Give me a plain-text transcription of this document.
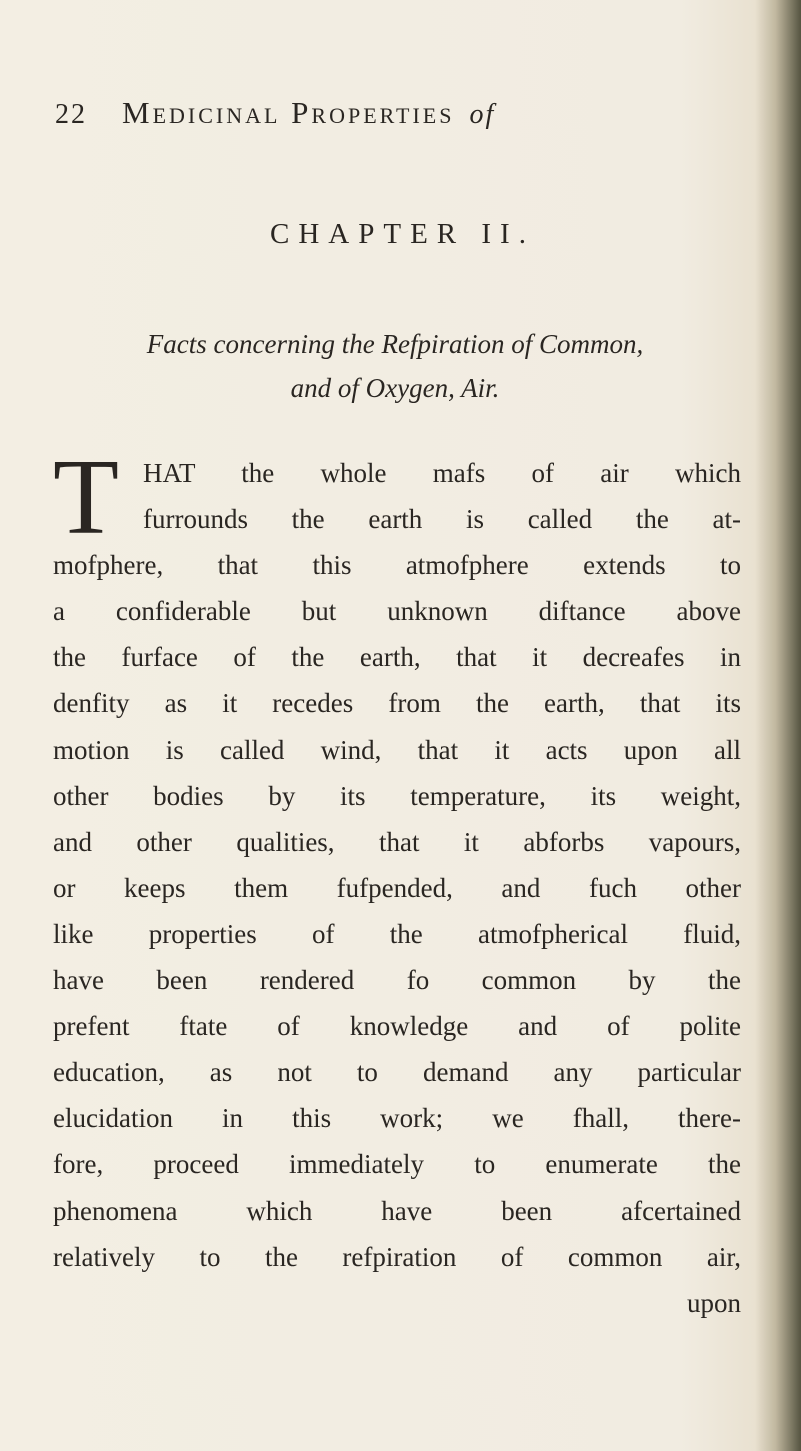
22 Medicinal Properties of
CHAPTER II.
Facts concerning the Refpiration of Common,
and of Oxygen, Air.
T HAT the whole mafs of air which
furrounds the earth is called the at-
mofphere, that this atmofphere extends to
a confiderable but unknown diftance above
the furface of the earth, that it decreafes in
denfity as it recedes from the earth, that its
motion is called wind, that it acts upon all
other bodies by its temperature, its weight,
and other qualities, that it abforbs vapours,
or keeps them fufpended, and fuch other
like properties of the atmofpherical fluid,
have been rendered fo common by the
prefent ftate of knowledge and of polite
education, as not to demand any particular
elucidation in this work; we fhall, there-
fore, proceed immediately to enumerate the
phenomena which have been afcertained
relatively to the refpiration of common air,
upon
